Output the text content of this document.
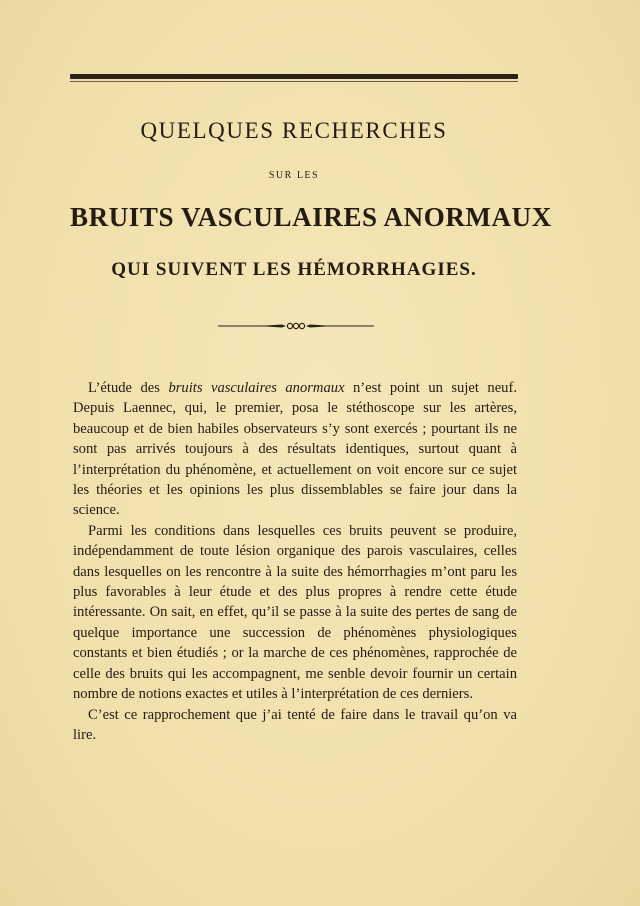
QUELQUES RECHERCHES
SUR LES
BRUITS VASCULAIRES ANORMAUX
QUI SUIVENT LES HÉMORRHAGIES.

L’étude des bruits vasculaires anormaux n’est point un sujet neuf. Depuis Laennec, qui, le premier, posa le stéthoscope sur les artères, beaucoup et de bien habiles observateurs s’y sont exercés ; pourtant ils ne sont pas arrivés toujours à des résultats identiques, surtout quant à l’interprétation du phénomène, et actuellement on voit encore sur ce sujet les théories et les opinions les plus dissemblables se faire jour dans la science.

Parmi les conditions dans lesquelles ces bruits peuvent se produire, indépendamment de toute lésion organique des parois vasculaires, celles dans lesquelles on les rencontre à la suite des hémorrhagies m’ont paru les plus favorables à leur étude et des plus propres à rendre cette étude intéressante. On sait, en effet, qu’il se passe à la suite des pertes de sang de quelque importance une succession de phénomènes physiologiques constants et bien étudiés ; or la marche de ces phénomènes, rapprochée de celle des bruits qui les accompagnent, me senble devoir fournir un certain nombre de notions exactes et utiles à l’interprétation de ces derniers.

C’est ce rapprochement que j’ai tenté de faire dans le travail qu’on va lire.
